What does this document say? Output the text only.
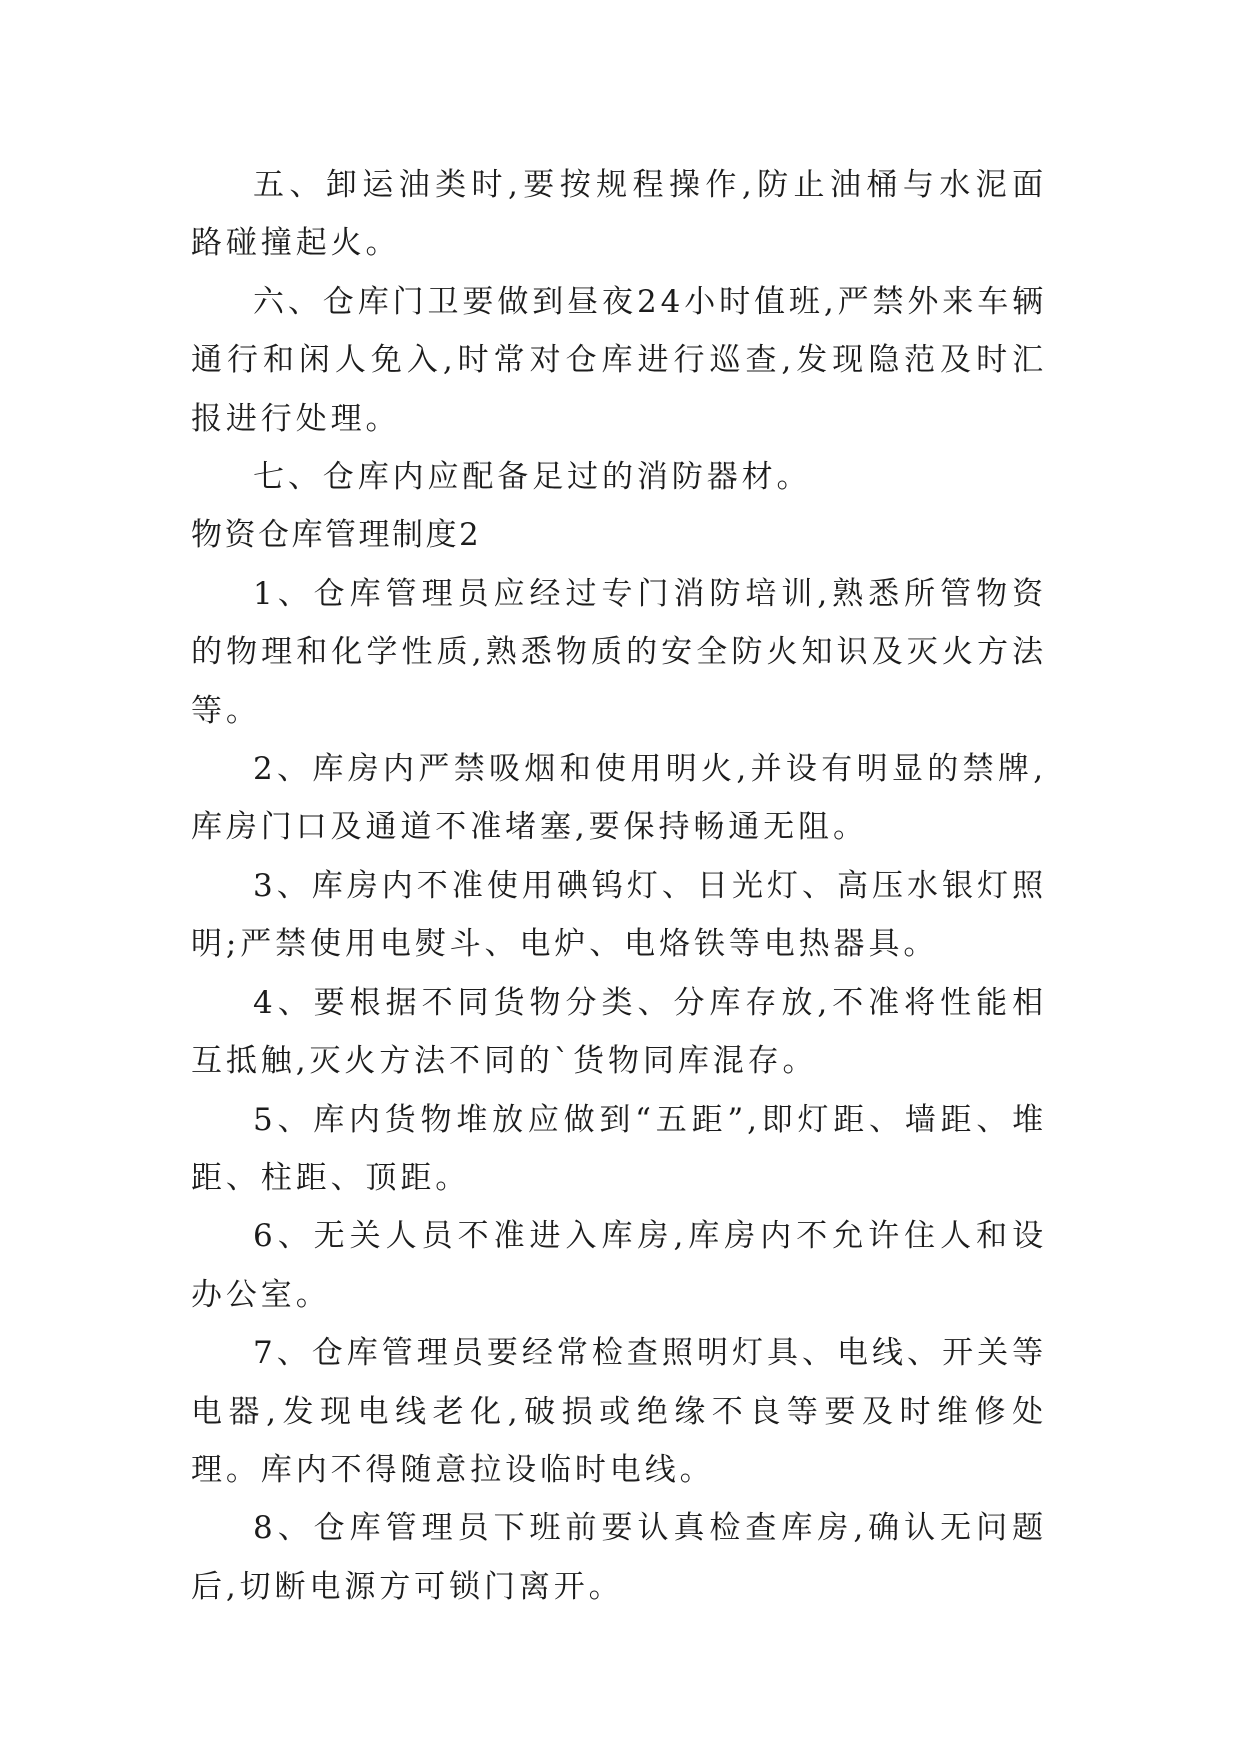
五、卸运油类时,要按规程操作,防止油桶与水泥面路碰撞起火。

六、仓库门卫要做到昼夜24小时值班,严禁外来车辆通行和闲人免入,时常对仓库进行巡查,发现隐范及时汇报进行处理。

七、仓库内应配备足过的消防器材。

物资仓库管理制度2

1、仓库管理员应经过专门消防培训,熟悉所管物资的物理和化学性质,熟悉物质的安全防火知识及灭火方法等。

2、库房内严禁吸烟和使用明火,并设有明显的禁牌,库房门口及通道不准堵塞,要保持畅通无阻。

3、库房内不准使用碘钨灯、日光灯、高压水银灯照明;严禁使用电熨斗、电炉、电烙铁等电热器具。

4、要根据不同货物分类、分库存放,不准将性能相互抵触,灭火方法不同的`货物同库混存。

5、库内货物堆放应做到“五距”,即灯距、墙距、堆距、柱距、顶距。

6、无关人员不准进入库房,库房内不允许住人和设办公室。

7、仓库管理员要经常检查照明灯具、电线、开关等电器,发现电线老化,破损或绝缘不良等要及时维修处理。库内不得随意拉设临时电线。

8、仓库管理员下班前要认真检查库房,确认无问题后,切断电源方可锁门离开。
